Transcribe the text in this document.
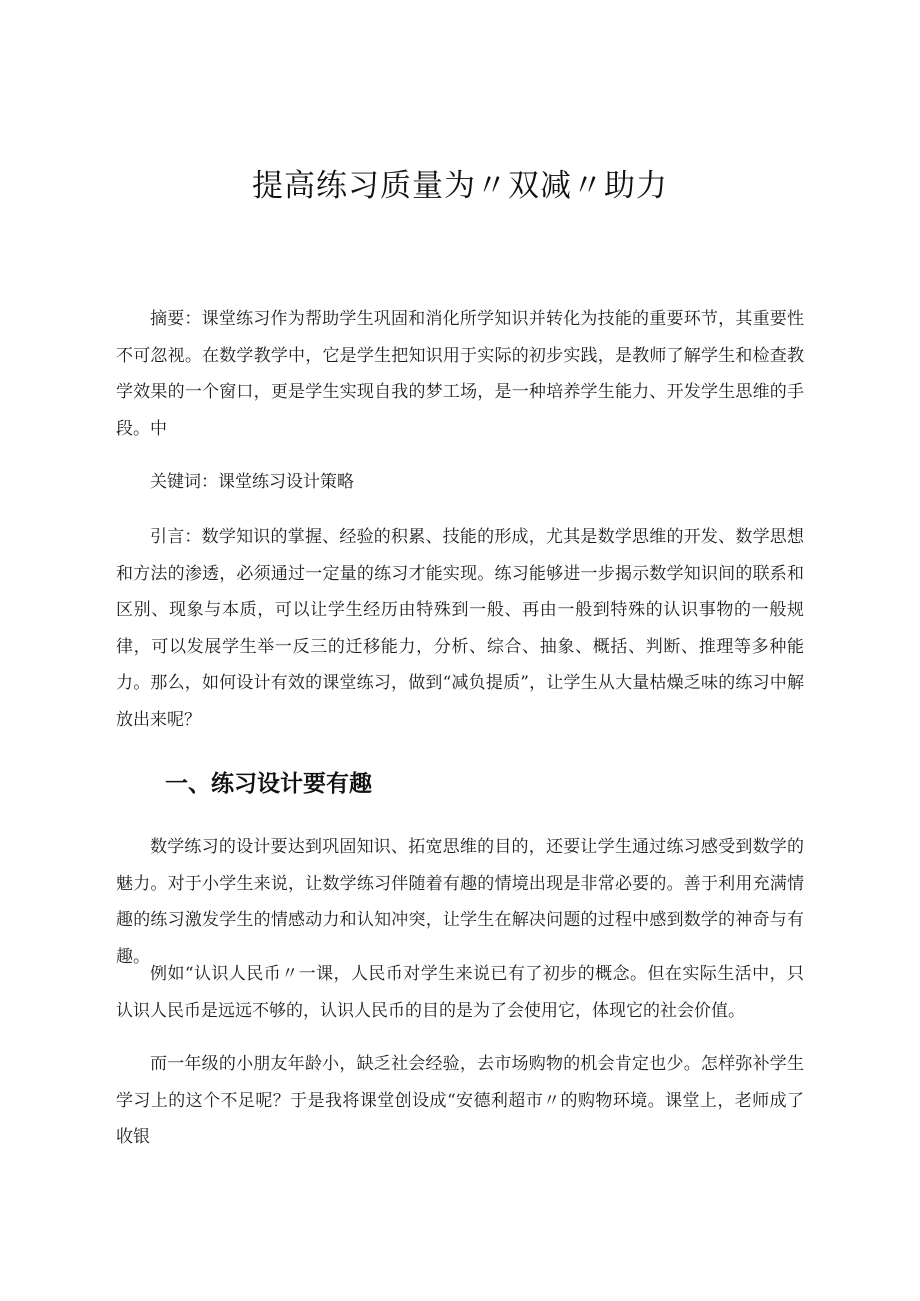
提高练习质量为〃双减〃助力

摘要：课堂练习作为帮助学生巩固和消化所学知识并转化为技能的重要环节，其重要性不可忽视。在数学教学中，它是学生把知识用于实际的初步实践，是教师了解学生和检查教学效果的一个窗口，更是学生实现自我的梦工场，是一种培养学生能力、开发学生思维的手段。中

关键词：课堂练习设计策略

引言：数学知识的掌握、经验的积累、技能的形成，尤其是数学思维的开发、数学思想和方法的渗透，必须通过一定量的练习才能实现。练习能够进一步揭示数学知识间的联系和区别、现象与本质，可以让学生经历由特殊到一般、再由一般到特殊的认识事物的一般规律，可以发展学生举一反三的迁移能力，分析、综合、抽象、概括、判断、推理等多种能力。那么，如何设计有效的课堂练习，做到“减负提质”，让学生从大量枯燥乏味的练习中解放出来呢？

一、练习设计要有趣

数学练习的设计要达到巩固知识、拓宽思维的目的，还要让学生通过练习感受到数学的魅力。对于小学生来说，让数学练习伴随着有趣的情境出现是非常必要的。善于利用充满情趣的练习激发学生的情感动力和认知冲突，让学生在解决问题的过程中感到数学的神奇与有趣。

例如“认识人民币〃一课，人民币对学生来说已有了初步的概念。但在实际生活中，只认识人民币是远远不够的，认识人民币的目的是为了会使用它，体现它的社会价值。

而一年级的小朋友年龄小，缺乏社会经验，去市场购物的机会肯定也少。怎样弥补学生学习上的这个不足呢？于是我将课堂创设成“安德利超市〃的购物环境。课堂上，老师成了收银
